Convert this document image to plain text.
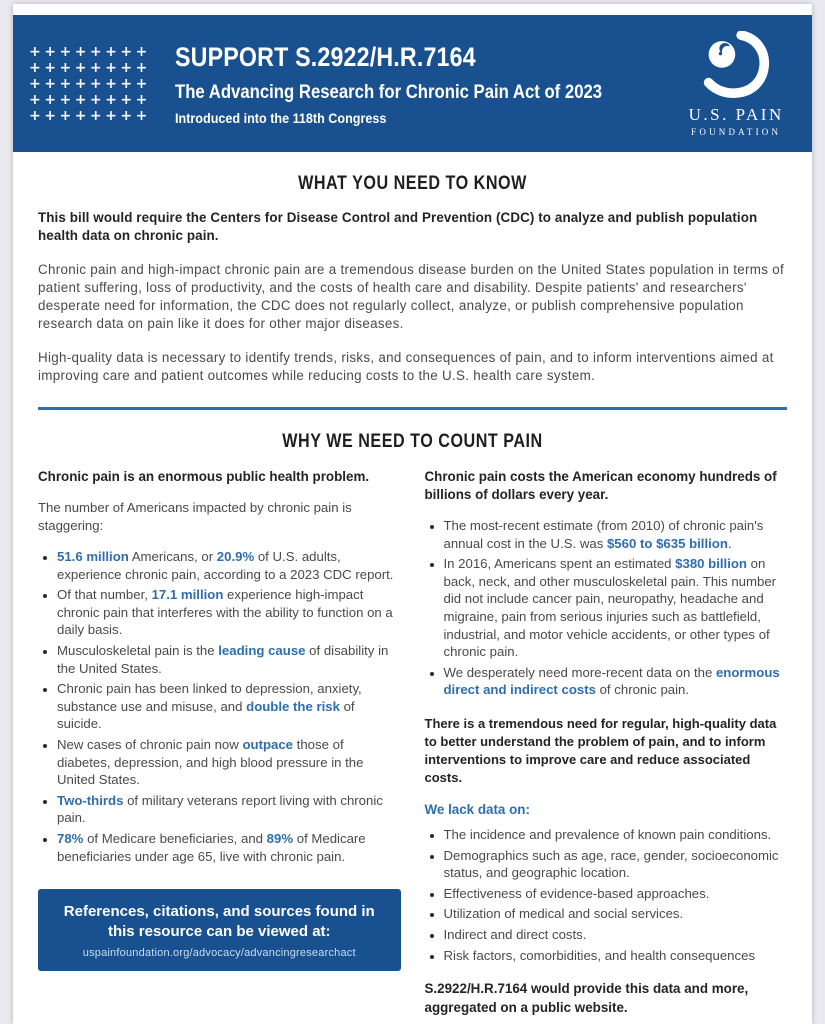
++++++++
++++++++
++++++++
++++++++
++++++++
SUPPORT S.2922/H.R.7164
The Advancing Research for Chronic Pain Act of 2023
Introduced into the 118th Congress	U.S. PAIN
FOUNDATION
WHAT YOU NEED TO KNOW

This bill would require the Centers for Disease Control and Prevention (CDC) to analyze and publish population health data on chronic pain.

Chronic pain and high-impact chronic pain are a tremendous disease burden on the United States population in terms of patient suffering, loss of productivity, and the costs of health care and disability. Despite patients' and researchers' desperate need for information, the CDC does not regularly collect, analyze, or publish comprehensive population research data on pain like it does for other major diseases.

High-quality data is necessary to identify trends, risks, and consequences of pain, and to inform interventions aimed at improving care and patient outcomes while reducing costs to the U.S. health care system.

WHY WE NEED TO COUNT PAIN
Chronic pain is an enormous public health problem.

The number of Americans impacted by chronic pain is staggering:

• 51.6 million Americans, or 20.9% of U.S. adults, experience chronic pain, according to a 2023 CDC report.
• Of that number, 17.1 million experience high-impact chronic pain that interferes with the ability to function on a daily basis.
• Musculoskeletal pain is the leading cause of disability in the United States.
• Chronic pain has been linked to depression, anxiety, substance use and misuse, and double the risk of suicide.
• New cases of chronic pain now outpace those of diabetes, depression, and high blood pressure in the United States.
• Two-thirds of military veterans report living with chronic pain.
• 78% of Medicare beneficiaries, and 89% of Medicare beneficiaries under age 65, live with chronic pain.
References, citations, and sources found in this resource can be viewed at:
uspainfoundation.org/advocacy/advancingresearchact
Chronic pain costs the American economy hundreds of billions of dollars every year.
• The most-recent estimate (from 2010) of chronic pain's annual cost in the U.S. was $560 to $635 billion.
• In 2016, Americans spent an estimated $380 billion on back, neck, and other musculoskeletal pain. This number did not include cancer pain, neuropathy, headache and migraine, pain from serious injuries such as battlefield, industrial, and motor vehicle accidents, or other types of chronic pain.
• We desperately need more-recent data on the enormous direct and indirect costs of chronic pain.

There is a tremendous need for regular, high-quality data to better understand the problem of pain, and to inform interventions to improve care and reduce associated costs.

We lack data on:
• The incidence and prevalence of known pain conditions.
• Demographics such as age, race, gender, socioeconomic status, and geographic location.
• Effectiveness of evidence-based approaches.
• Utilization of medical and social services.
• Indirect and direct costs.
• Risk factors, comorbidities, and health consequences

S.2922/H.R.7164 would provide this data and more, aggregated on a public website.
